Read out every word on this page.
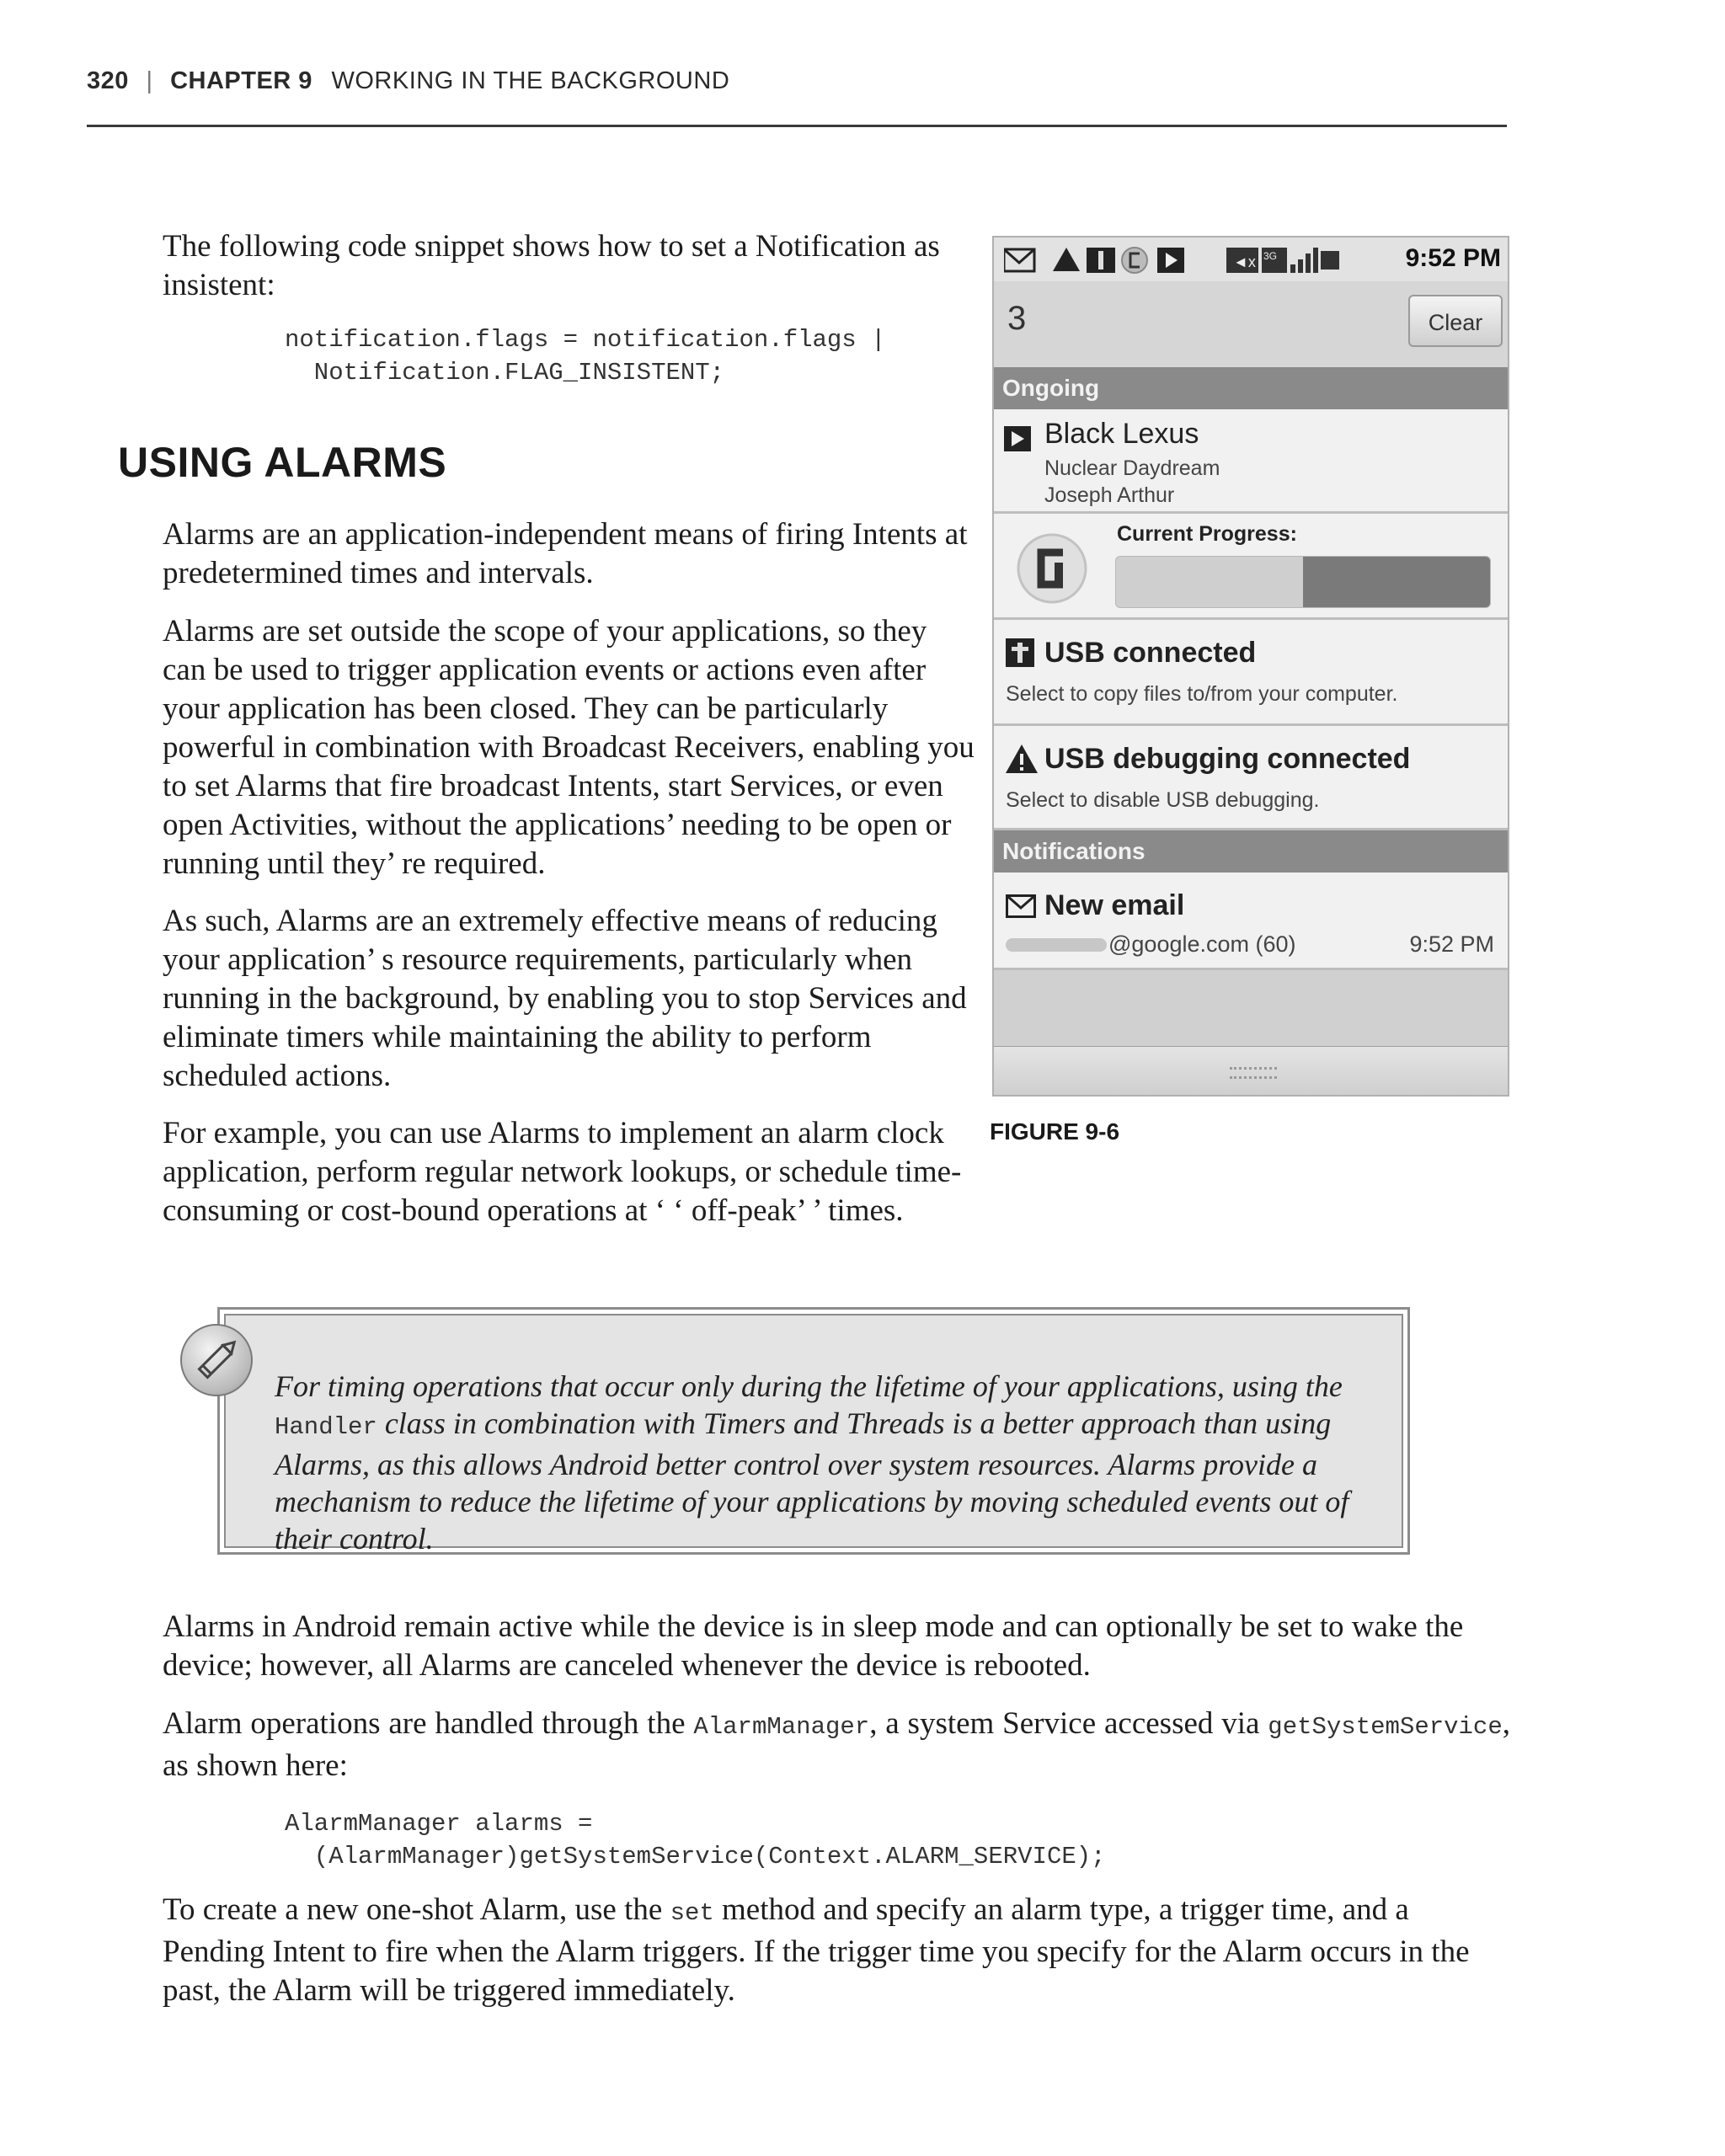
320 | CHAPTER 9 WORKING IN THE BACKGROUND

The following code snippet shows how to set a Notification as insistent:

notification.flags = notification.flags |
Notification.FLAG_INSISTENT;
USING ALARMS

Alarms are an application-independent means of firing Intents at predetermined times and intervals.

Alarms are set outside the scope of your applications, so they can be used to trigger application events or actions even after your application has been closed. They can be particularly powerful in combination with Broadcast Receivers, enabling you to set Alarms that fire broadcast Intents, start Services, or even open Activities, without the applications’ needing to be open or running until they’ re required.

As such, Alarms are an extremely effective means of reducing your application’ s resource requirements, particularly when running in the background, by enabling you to stop Services and eliminate timers while maintaining the ability to perform scheduled actions.

For example, you can use Alarms to implement an alarm clock application, perform regular network lookups, or schedule time-consuming or cost-bound operations at ‘ ‘ off-peak’ ’ times.

◄x 3G	9:52 PM
3	Clear
Ongoing
Black Lexus
Nuclear Daydream
Joseph Arthur
Current Progress:
USB connected
Select to copy files to/from your computer.
USB debugging connected
Select to disable USB debugging.
Notifications
New email
@google.com (60)	9:52 PM
FIGURE 9-6

For timing operations that occur only during the lifetime of your applications, using the Handler class in combination with Timers and Threads is a better approach than using Alarms, as this allows Android better control over system resources. Alarms provide a mechanism to reduce the lifetime of your applications by moving scheduled events out of their control.

Alarms in Android remain active while the device is in sleep mode and can optionally be set to wake the device; however, all Alarms are canceled whenever the device is rebooted.

Alarm operations are handled through the AlarmManager, a system Service accessed via getSystemService, as shown here:

AlarmManager alarms =
(AlarmManager)getSystemService(Context.ALARM_SERVICE);

To create a new one-shot Alarm, use the set method and specify an alarm type, a trigger time, and a Pending Intent to fire when the Alarm triggers. If the trigger time you specify for the Alarm occurs in the past, the Alarm will be triggered immediately.
